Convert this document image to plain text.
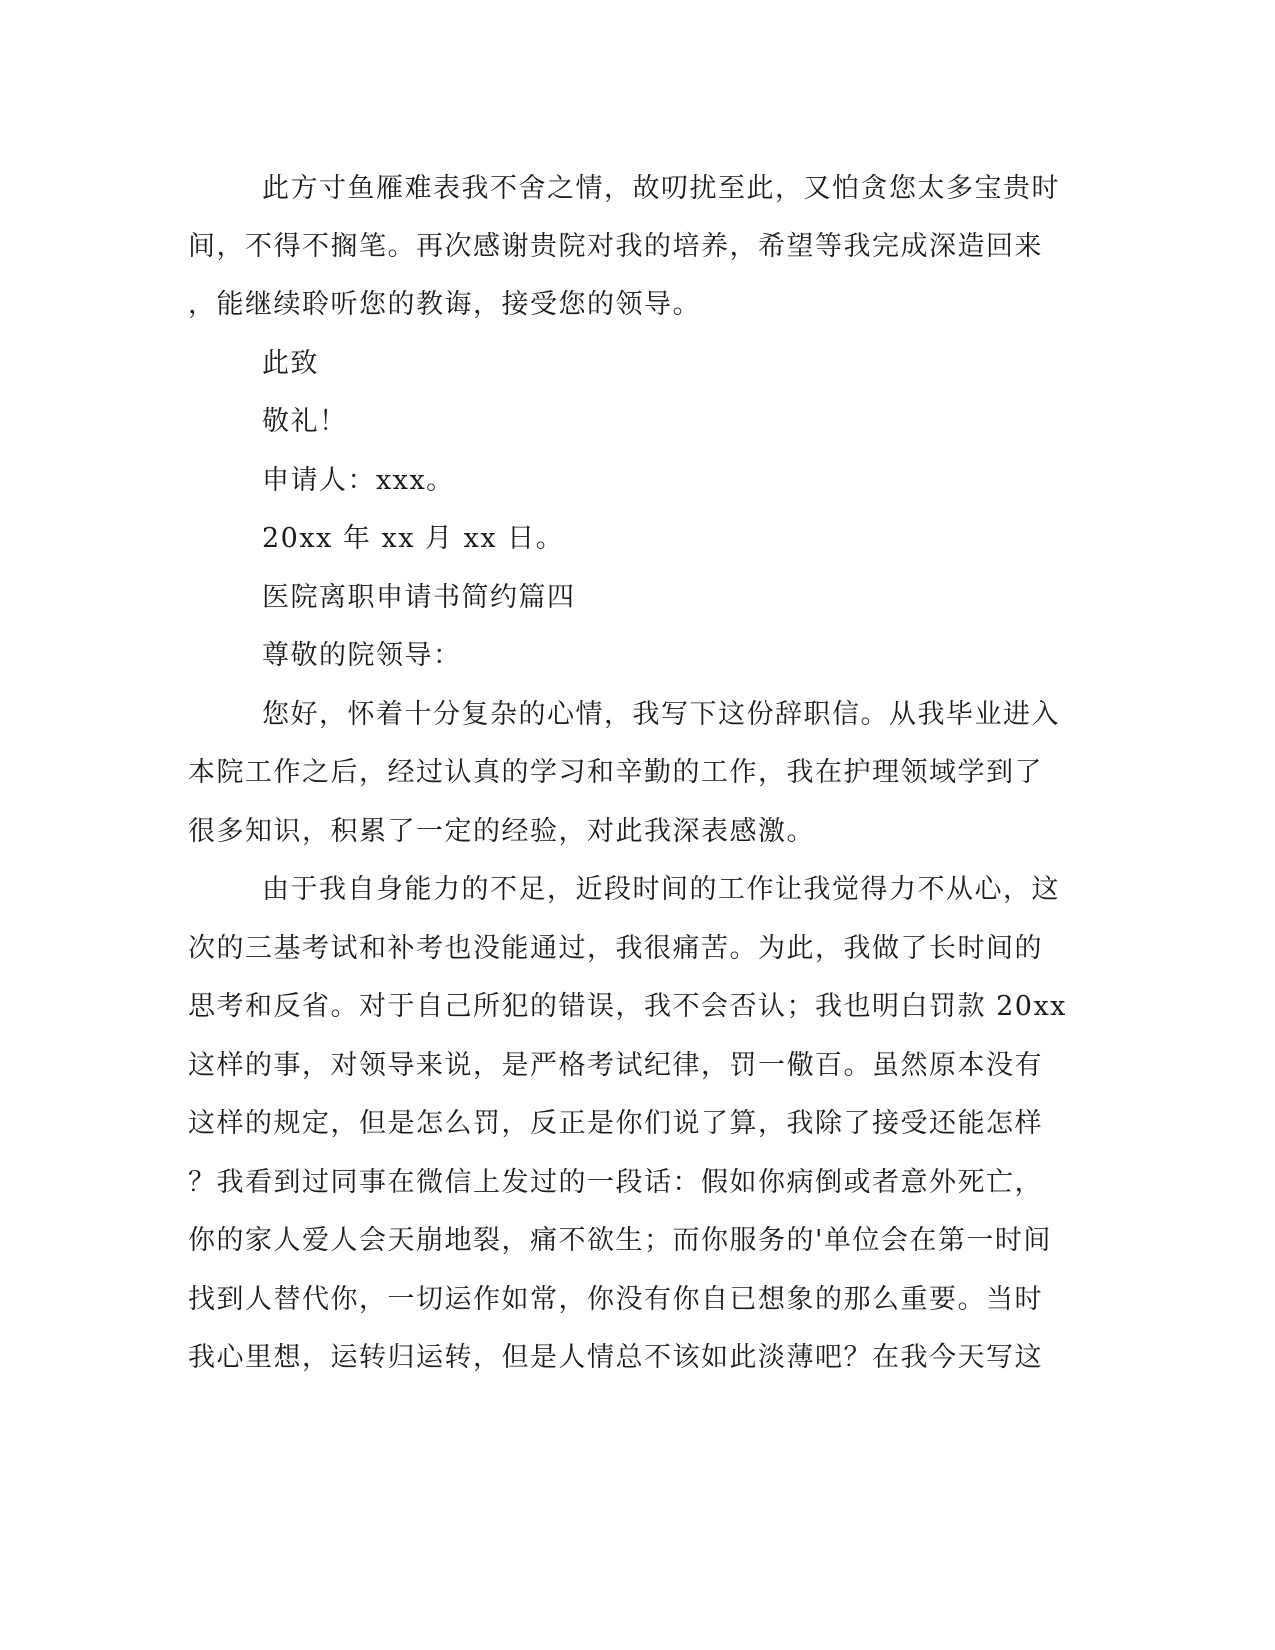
此方寸鱼雁难表我不舍之情，故叨扰至此，又怕贪您太多宝贵时
间，不得不搁笔。再次感谢贵院对我的培养，希望等我完成深造回来
，能继续聆听您的教诲，接受您的领导。
此致
敬礼！
申请人：xxx。
20xx 年 xx 月 xx 日。
医院离职申请书简约篇四
尊敬的院领导：
您好，怀着十分复杂的心情，我写下这份辞职信。从我毕业进入
本院工作之后，经过认真的学习和辛勤的工作，我在护理领域学到了
很多知识，积累了一定的经验，对此我深表感激。
由于我自身能力的不足，近段时间的工作让我觉得力不从心，这
次的三基考试和补考也没能通过，我很痛苦。为此，我做了长时间的
思考和反省。对于自己所犯的错误，我不会否认；我也明白罚款 20xx
这样的事，对领导来说，是严格考试纪律，罚一儆百。虽然原本没有
这样的规定，但是怎么罚，反正是你们说了算，我除了接受还能怎样
？我看到过同事在微信上发过的一段话：假如你病倒或者意外死亡，
你的家人爱人会天崩地裂，痛不欲生；而你服务的'单位会在第一时间
找到人替代你，一切运作如常，你没有你自已想象的那么重要。当时
我心里想，运转归运转，但是人情总不该如此淡薄吧？在我今天写这
